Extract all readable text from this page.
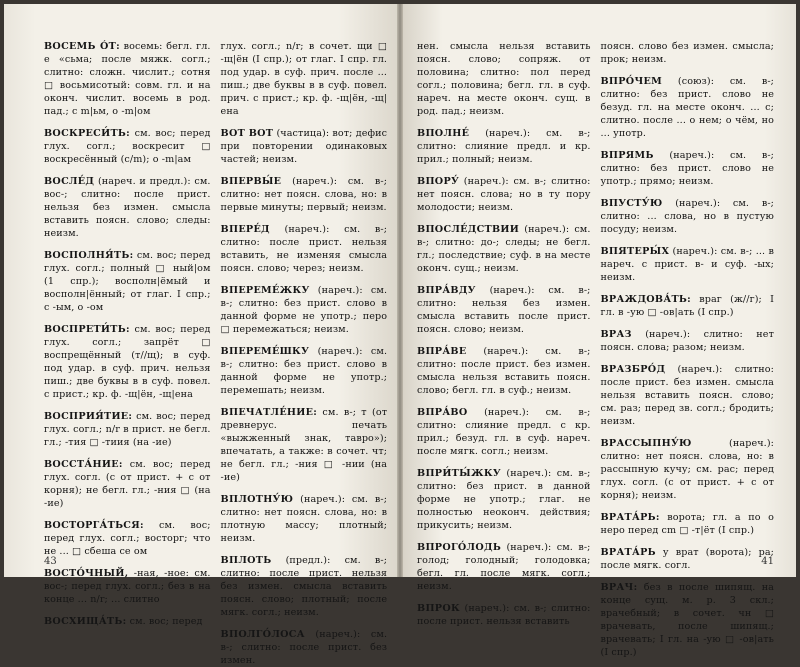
ВОСЕМЬ ÓТ: восемь: бегл. гл. е «сьма; после мяжк. согл.; слитно: сложн. числит.; сотня □ восьмисотый: совм. гл. и на оконч. числит. восемь в род. пад.; с m|ьм, o -m|ом

ВОСКРЕСИ́ТЬ: см. вос; перед глух. согл.; воскресит □ воскресённый (с/m); о -m|ам

ВОСЛЕ́Д (нареч. и предл.): см. вос-; слитно: после прист. нельзя без измен. смысла вставить поясн. слово; следы: неизм.

ВОСПОЛНЯ́ТЬ: см. вос; перед глух. согл.; полный □ ный|ом (1 спр.); восполн|ёмый и восполн|ённый; от глаг. I спр.; с -ым, о -ом

ВОСПРЕТИ́ТЬ: см. вос; перед глух. согл.; запрёт □ воспрещённый (т//щ); в суф. под удар. в суф. прич. нельзя пиш.; две буквы в в суф. повел. с прист.; кр. ф. -щ|ён, -щ|ена

ВОСПРИЯ́ТИЕ: см. вос; перед глух. согл.; n/r в прист. не бегл. гл.; -тия □ -тиия (на -ие)

ВОССТА́НИЕ: см. вос; перед глух. согл. (с от прист. + с от корня); не бегл. гл.; -ния □ (на -ие)

ВОСТОРГА́ТЬСЯ: см. вос; перед глух. согл.; восторг; что не ... □ сбеша се ом

ВОСТО́ЧНЫЙ, -ная, -ное: см. вос-; перед глух. согл.; без в на конце ... n/r; ... слитно

ВОСХИЩА́ТЬ: см. вос; перед

глух. согл.; n/r; в сочет. щи □ -щ|ён (I спр.); от глаг. I спр. гл. под удар. в суф. прич. после ... пиш.; две буквы в в суф. повел. прич. с прист.; кр. ф. -щ|ён, -щ|ена

ВОТ ВОТ (частица): вот; дефис при повторении одинаковых частей; неизм.

ВПЕРВЫ́Е (нареч.): см. в-; слитно: нет поясн. слова, но: в первые минуты; первый; неизм.

ВПЕРЕ́Д (нареч.): см. в-; слитно: после прист. нельзя вставить, не изменяя смысла поясн. слово; через; неизм.

ВПЕРЕМЕ́ЖКУ (нареч.): см. в-; слитно: без прист. слово в данной форме не употр.; перо □ перемежаться; неизм.

ВПЕРЕМЕ́ШКУ (нареч.): см. в-; слитно: без прист. слово в данной форме не употр.; перемешать; неизм.

ВПЕЧАТЛЕ́НИЕ: см. в-; т (от древнерус. печать «выжженный знак, тавро»); впечатать, а также: в сочет. чт; не бегл. гл.; -ния □ -нии (на -ие)

ВПЛОТНУ́Ю (нареч.): см. в-; слитно: нет поясн. слова, но: в плотную массу; плотный; неизм.

ВПЛОТЬ (предл.): см. в-; слитно: после прист. нельзя без измен. смысла вставить поясн. слово; плотный; после мягк. согл.; неизм.

ВПОЛГО́ЛОСА (нареч.): см. в-; слитно: после прист. без измен.

43

нен. смысла нельзя вставить поясн. слово; сопряж. от половина; слитно: пол перед согл.; половина; бегл. гл. в суф. нареч. на месте оконч. сущ. в род. пад.; неизм.

ВПОЛНЕ́ (нареч.): см. в-; слитно: слияние предл. и кр. прил.; полный; неизм.

ВПОРУ́ (нареч.): см. в-; слитно: нет поясн. слова; но в ту пору молодости; неизм.

ВПОСЛЕ́ДСТВИИ (нареч.): см. в-; слитно: до-; следы; не бегл. гл.; последствие; суф. в на месте оконч. сущ.; неизм.

ВПРА́ВДУ (нареч.): см. в-; слитно: нельзя без измен. смысла вставить после прист. поясн. слово; неизм.

ВПРА́ВЕ (нареч.): см. в-; слитно: после прист. без измен. смысла нельзя вставить поясн. слово; бегл. гл. в суф.; неизм.

ВПРА́ВО (нареч.): см. в-; слитно: слияние предл. с кр. прил.; безуд. гл. в суф. нареч. после мягк. согл.; неизм.

ВПРИ́ТЫ́ЖКУ (нареч.): см. в-; слитно: без прист. в данной форме не употр.; глаг. не полностью неоконч. действия; прикусить; неизм.

ВПРОГО́ЛОДЬ (нареч.): см. в-; голод; голодный; голодовка; бегл. гл. после мягк. согл.; неизм.

ВПРОК (нареч.): см. в-; слитно: после прист. нельзя вставить

поясн. слово без измен. смысла; прок; неизм.

ВПРО́ЧЕМ (союз): см. в-; слитно: без прист. слово не безуд. гл. на месте оконч. ... с; слитно. после ... о нем; о чём, но ... употр.

ВПРЯМЬ (нареч.): см. в-; слитно: без прист. слово не употр.; прямо; неизм.

ВПУСТУ́Ю (нареч.): см. в-; слитно: ... слова, но в пустую посуду; неизм.

ВПЯТЕРЫ́Х (нареч.): см. в-; ... в нареч. с прист. в- и суф. -ых; неизм.

ВРАЖДОВА́ТЬ: враг (ж//г); I гл. в -ую □ -ов|ать (I спр.)

ВРАЗ (нареч.): слитно: нет поясн. слова; разом; неизм.

ВРАЗБРО́Д (нареч.): слитно: после прист. без измен. смысла нельзя вставить поясн. слово; см. раз; перед зв. согл.; бродить; неизм.

ВРАССЫПНУ́Ю	(нареч.): слитно: нет поясн. слова, но: в рассыпную кучу; см. рас; перед глух. согл. (с от прист. + с от корня); неизм.

ВРАТА́РЬ: ворота; гл. а по о неро перед сm □ -т|ёт (I спр.)

ВРАТА́РЬ у врат (ворота); ра; после мягк. согл.

ВРАЧ: без в после шипящ. на конце сущ. м. р. 3 скл.; врачебный; в сочет. чн □ врачевать, после шипящ.; врачевать; I гл. на -ую □ -ов|ать (I спр.)

41
